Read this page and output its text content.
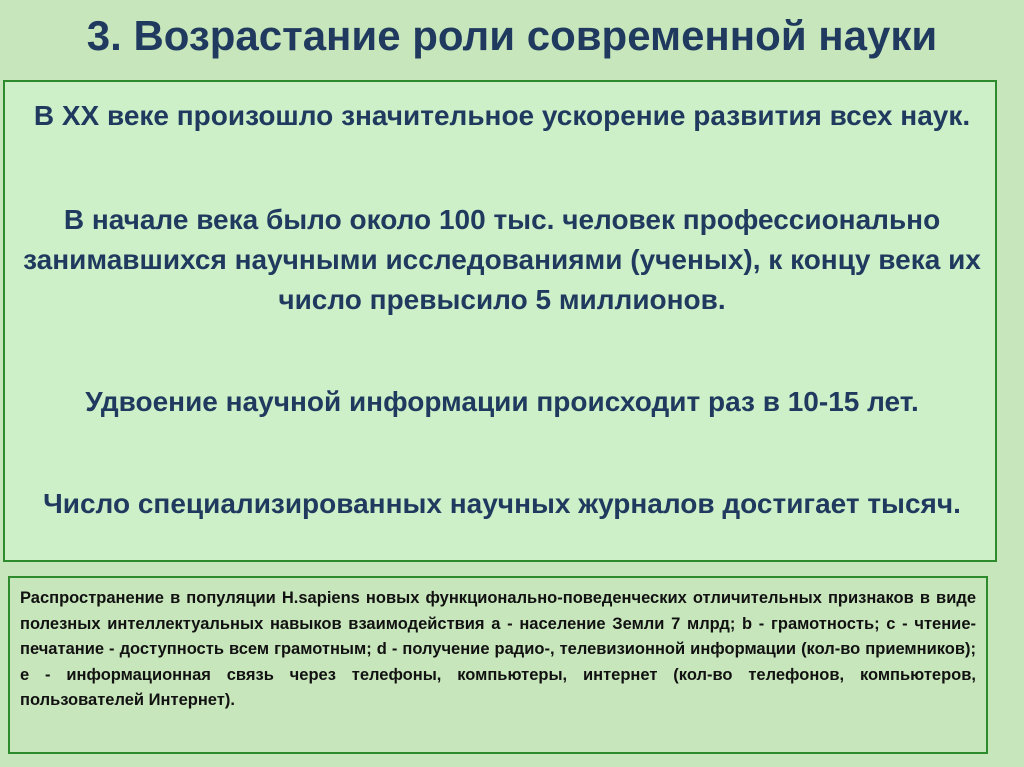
3. Возрастание роли современной науки

В XX веке произошло значительное ускорение развития всех наук.

В начале века было около 100 тыс. человек профессионально занимавшихся научными исследованиями (ученых), к концу века их число превысило 5 миллионов.

Удвоение научной информации происходит раз в 10-15 лет.

Число специализированных научных журналов достигает тысяч.

Распространение в популяции H.sapiens новых функционально-поведенческих отличительных признаков в виде полезных интеллектуальных навыков взаимодействия а - население Земли 7 млрд; b - грамотность; с - чтение-печатание - доступность всем грамотным; d - получение радио-, телевизионной информации (кол-во приемников); е - информационная связь через телефоны, компьютеры, интернет (кол-во телефонов, компьютеров, пользователей Интернет).
